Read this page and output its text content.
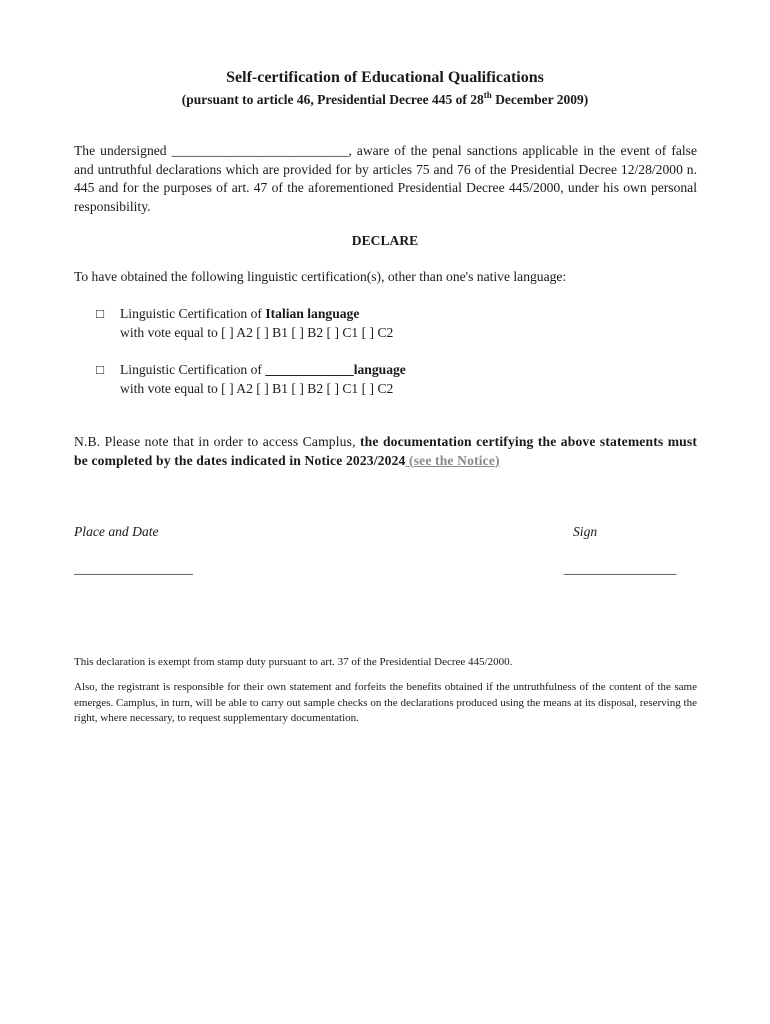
Self-certification of Educational Qualifications

(pursuant to article 46, Presidential Decree 445 of 28th December 2009)

The undersigned __________________________, aware of the penal sanctions applicable in the event of false and untruthful declarations which are provided for by articles 75 and 76 of the Presidential Decree 12/28/2000 n. 445 and for the purposes of art. 47 of the aforementioned Presidential Decree 445/2000, under his own personal responsibility.

DECLARE

To have obtained the following linguistic certification(s), other than one's native language:

□ Linguistic Certification of Italian language
with vote equal to [ ] A2 [ ] B1 [ ] B2 [ ] C1 [ ] C2
□ Linguistic Certification of _____________language
with vote equal to [ ] A2 [ ] B1 [ ] B2 [ ] C1 [ ] C2

N.B. Please note that in order to access Camplus, the documentation certifying the above statements must be completed by the dates indicated in Notice 2023/2024 (see the Notice)

Place and Date	Sign
__________________	_________________

This declaration is exempt from stamp duty pursuant to art. 37 of the Presidential Decree 445/2000.

Also, the registrant is responsible for their own statement and forfeits the benefits obtained if the untruthfulness of the content of the same emerges. Camplus, in turn, will be able to carry out sample checks on the declarations produced using the means at its disposal, reserving the right, where necessary, to request supplementary documentation.
